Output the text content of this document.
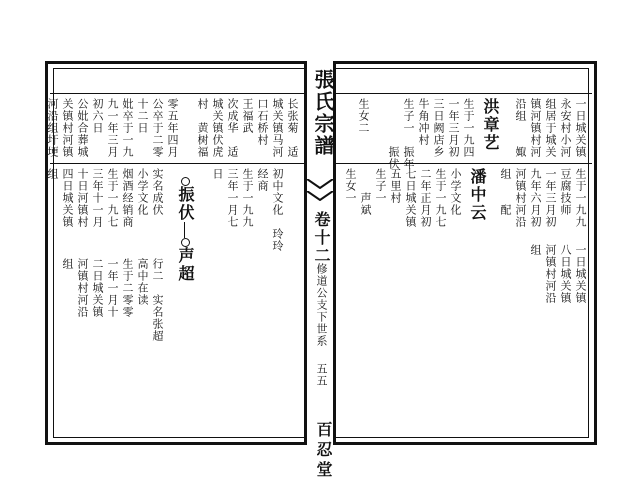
張氏宗譜
卷十二
修道公支下世系
五五
百忍堂
一日城关镇
永安村小河
组居于城关
镇河镇村河
沿组　　娵
洪章艺
生于一九四
一年三月初
三日阙店乡
牛角冲村
生子一　振年
　　　　振伏
生女二
生于一九九
豆腐技师
一年三月初
九年六月初
河镇村河沿
组　　配
潘中云
小学文化
生于一九七
二年正月初
七日城关镇
五里村
生子一
　　声斌
生女一
一日城关镇
八日城关镇
河镇村河沿
组
长张菊　适
城关镇马河
口石桥村
王福武
次成华　适
城关镇伏虎
村　黄树福
零五年四月
公卒于二零
十二日
妣卒于一九
九一年三月
初六日
公妣合葬城
关镇村河镇
河沿组圩埂
初中文化　玲玲
经商
生于一九九
三年一月七
日
振伏
声超
实名成伏
小学文化
烟酒经销商
生于一九七
三年十一月
十日河镇村
四日城关镇
组
行二　实名张超
高中在读
生于二零零
一年一月十
二日城关镇
河镇村河沿
组
